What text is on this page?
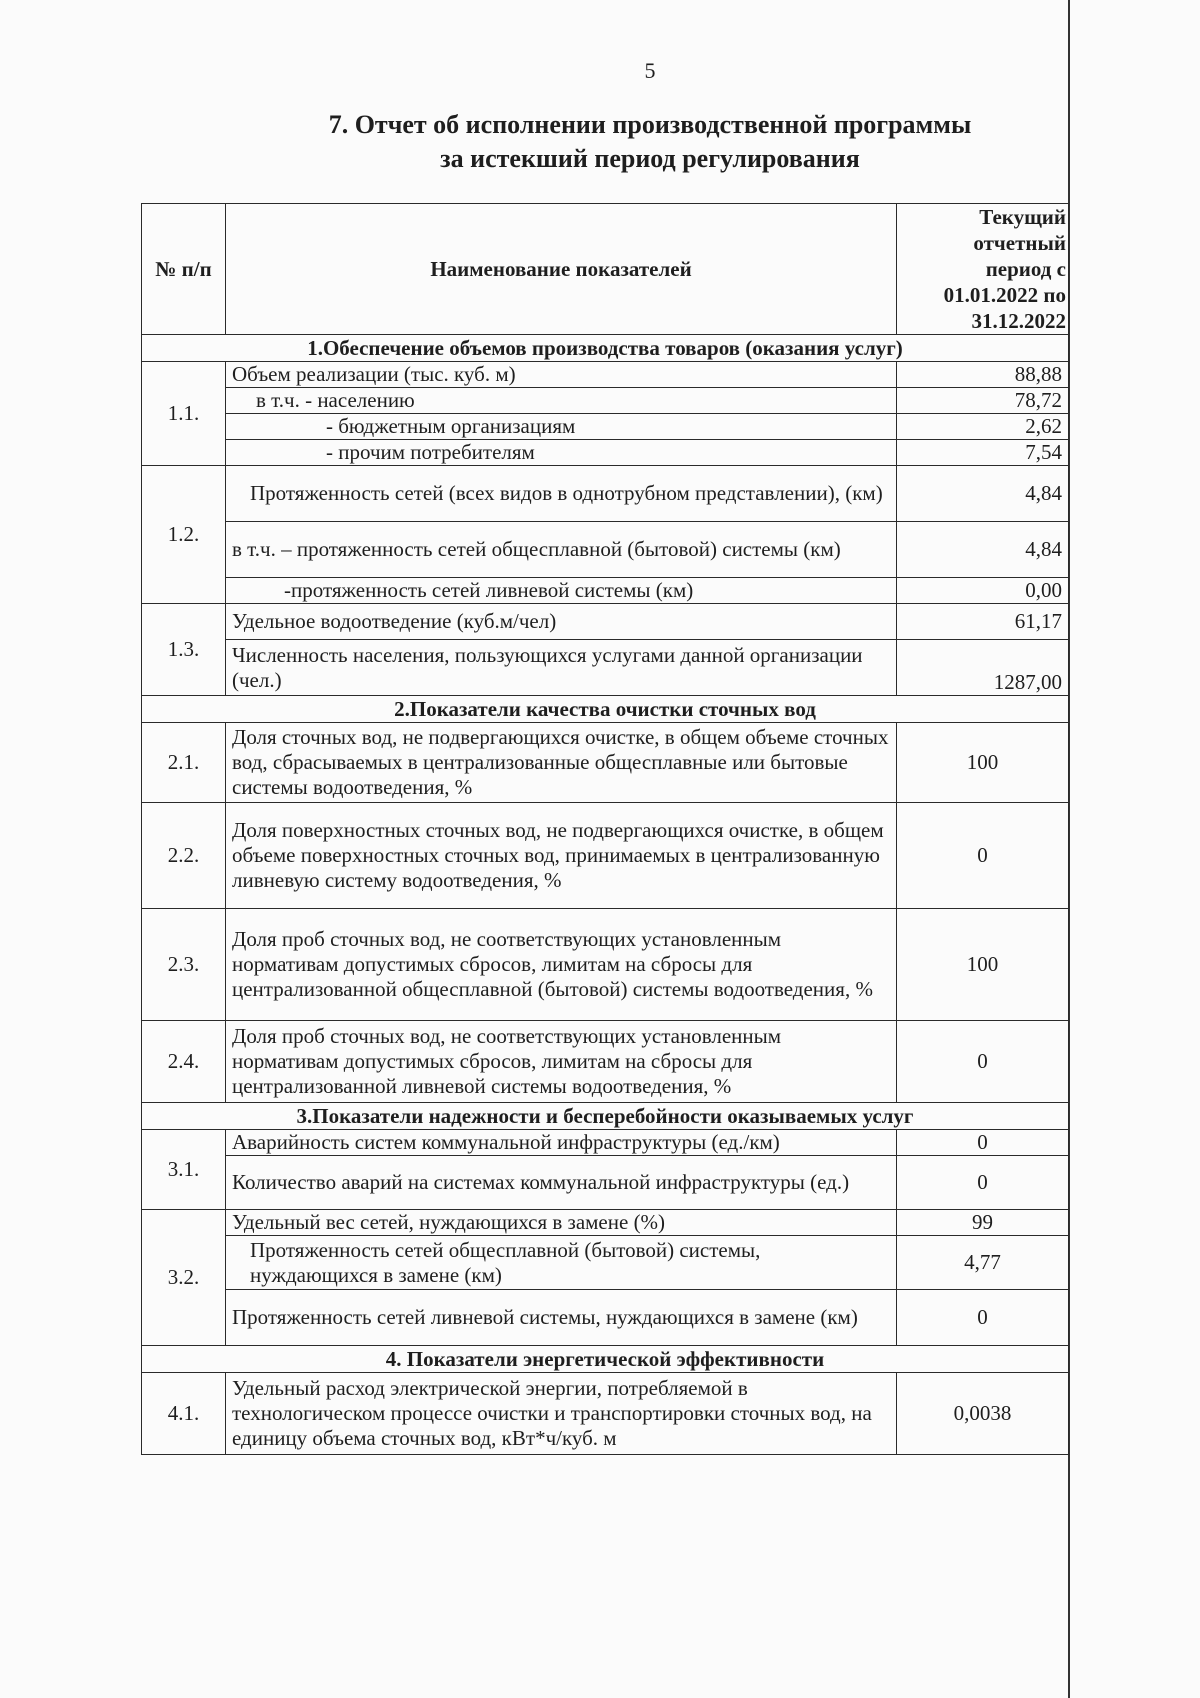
5
7. Отчет об исполнении производственной программы
за истекший период регулирования
№ п/п	Наименование показателей	Текущий отчетный период с 01.01.2022 по 31.12.2022
1.Обеспечение объемов производства товаров (оказания услуг)		
1.1.	Объем реализации (тыс. куб. м)	88,88
	в т.ч. - населению	78,72
	- бюджетным организациям	2,62
	- прочим потребителям	7,54
1.2.	Протяженность сетей (всех видов в однотрубном представлении), (км)	4,84
	в т.ч. – протяженность сетей общесплавной (бытовой) системы (км)	4,84
	-протяженность сетей ливневой системы (км)	0,00
1.3.	Удельное водоотведение (куб.м/чел)	61,17
	Численность населения, пользующихся услугами данной организации (чел.)	1287,00
2.Показатели качества очистки сточных вод		
2.1.	Доля сточных вод, не подвергающихся очистке, в общем объеме сточных вод, сбрасываемых в централизованные общесплавные или бытовые системы водоотведения, %	100
2.2.	Доля поверхностных сточных вод, не подвергающихся очистке, в общем объеме поверхностных сточных вод, принимаемых в централизованную ливневую систему водоотведения, %	0
2.3.	Доля проб сточных вод, не соответствующих установленным нормативам допустимых сбросов, лимитам на сбросы для централизованной общесплавной (бытовой) системы водоотведения, %	100
2.4.	Доля проб сточных вод, не соответствующих установленным нормативам допустимых сбросов, лимитам на сбросы для централизованной ливневой системы водоотведения, %	0
3.Показатели надежности и бесперебойности оказываемых услуг		
3.1.	Аварийность систем коммунальной инфраструктуры (ед./км)	0
	Количество аварий на системах коммунальной инфраструктуры (ед.)	0
3.2.	Удельный вес сетей, нуждающихся в замене (%)	99
	Протяженность сетей общесплавной (бытовой) системы, нуждающихся в замене (км)	4,77
	Протяженность сетей ливневой системы, нуждающихся в замене (км)	0
4. Показатели энергетической эффективности		
4.1.	Удельный расход электрической энергии, потребляемой в технологическом процессе очистки и транспортировки сточных вод, на единицу объема сточных вод, кВт*ч/куб. м	0,0038
